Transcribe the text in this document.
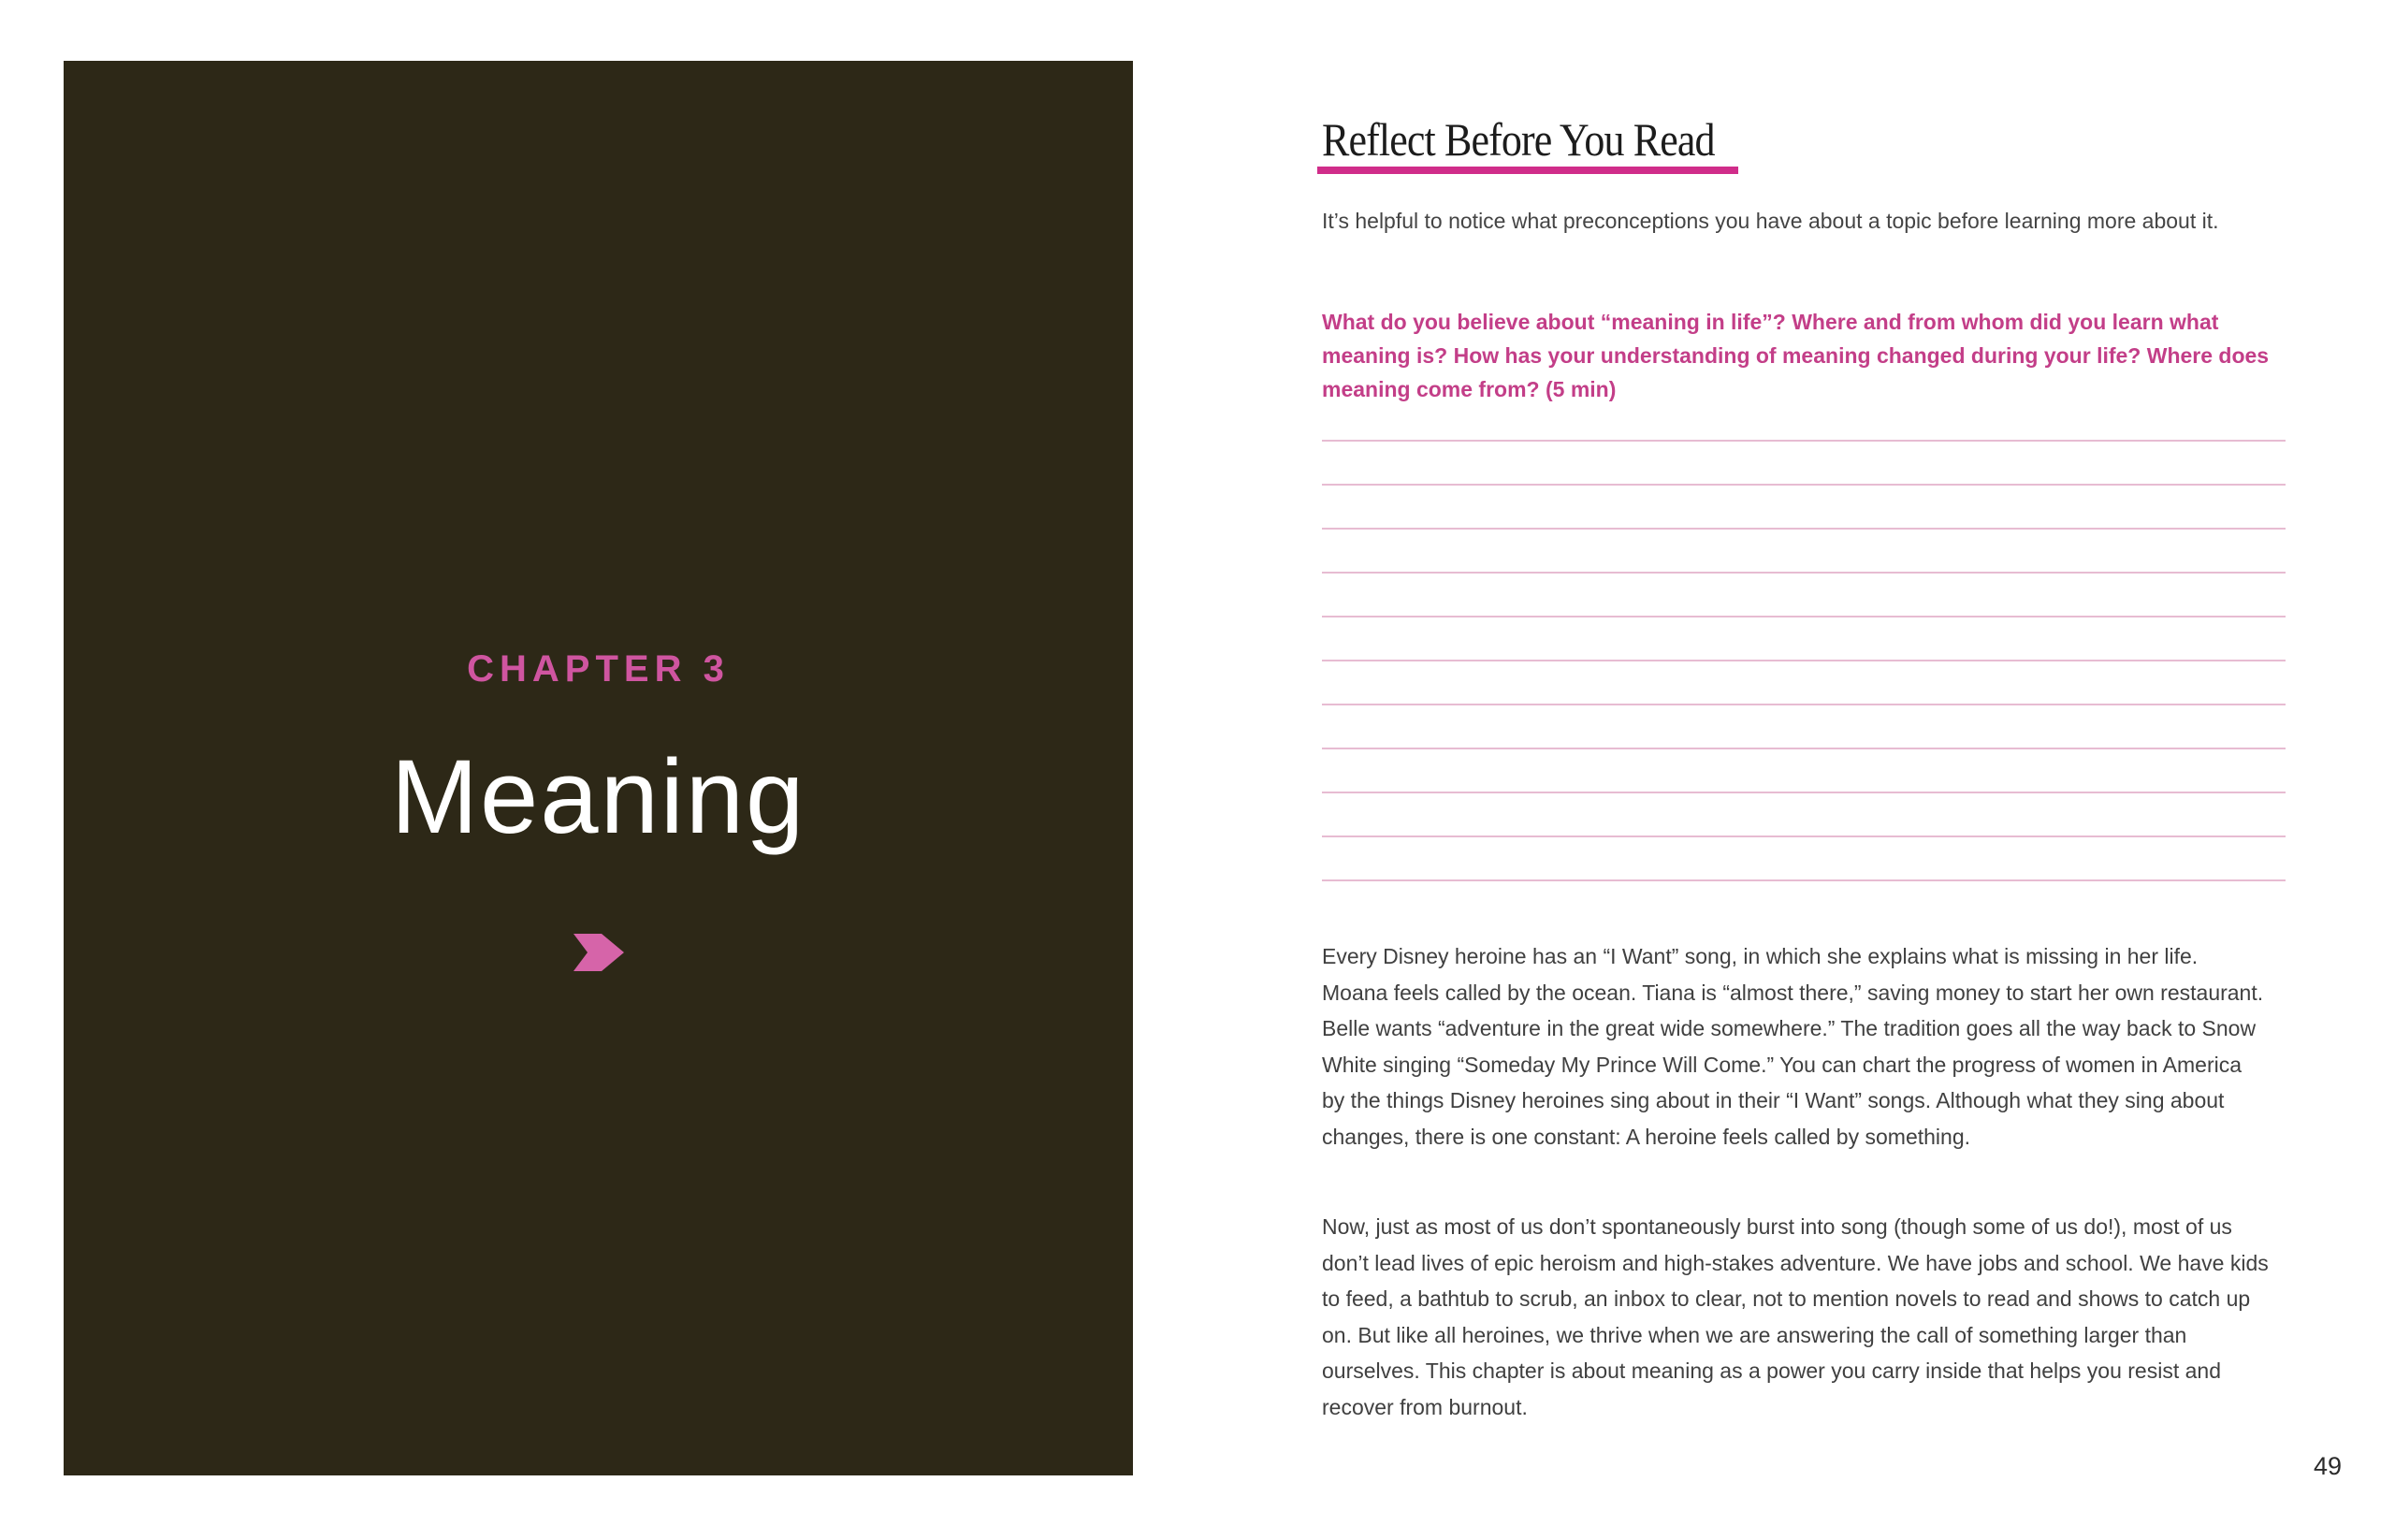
CHAPTER 3
Meaning
Reflect Before You Read

It’s helpful to notice what preconceptions you have about a topic before learning more about it.

What do you believe about “meaning in life”? Where and from whom did you learn what meaning is? How has your understanding of meaning changed during your life? Where does meaning come from? (5 min)

Every Disney heroine has an “I Want” song, in which she explains what is missing in her life. Moana feels called by the ocean. Tiana is “almost there,” saving money to start her own restaurant. Belle wants “adventure in the great wide somewhere.” The tradition goes all the way back to Snow White singing “Someday My Prince Will Come.” You can chart the progress of women in America by the things Disney heroines sing about in their “I Want” songs. Although what they sing about changes, there is one constant: A heroine feels called by something.

Now, just as most of us don’t spontaneously burst into song (though some of us do!), most of us don’t lead lives of epic heroism and high-stakes adventure. We have jobs and school. We have kids to feed, a bathtub to scrub, an inbox to clear, not to mention novels to read and shows to catch up on. But like all heroines, we thrive when we are answering the call of something larger than ourselves. This chapter is about meaning as a power you carry inside that helps you resist and recover from burnout.

49
